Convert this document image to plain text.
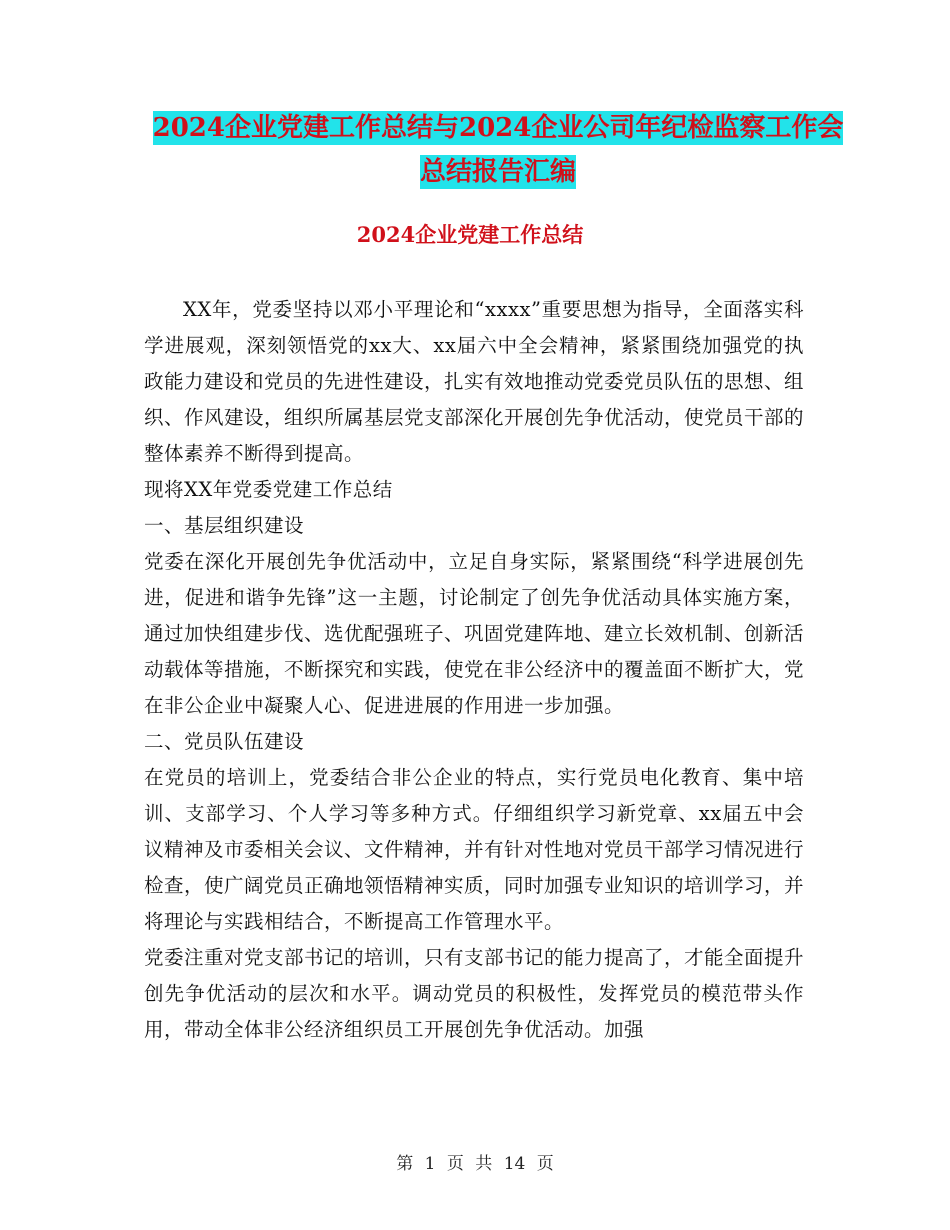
2024企业党建工作总结与2024企业公司年纪检监察工作会总结报告汇编
2024企业党建工作总结

XX年，党委坚持以邓小平理论和“xxxx”重要思想为指导，全面落实科学进展观，深刻领悟党的xx大、xx届六中全会精神，紧紧围绕加强党的执政能力建设和党员的先进性建设，扎实有效地推动党委党员队伍的思想、组织、作风建设，组织所属基层党支部深化开展创先争优活动，使党员干部的整体素养不断得到提高。

现将XX年党委党建工作总结

一、基层组织建设

党委在深化开展创先争优活动中，立足自身实际，紧紧围绕“科学进展创先进，促进和谐争先锋”这一主题，讨论制定了创先争优活动具体实施方案，通过加快组建步伐、选优配强班子、巩固党建阵地、建立长效机制、创新活动载体等措施，不断探究和实践，使党在非公经济中的覆盖面不断扩大，党在非公企业中凝聚人心、促进进展的作用进一步加强。

二、党员队伍建设

在党员的培训上，党委结合非公企业的特点，实行党员电化教育、集中培训、支部学习、个人学习等多种方式。仔细组织学习新党章、xx届五中会议精神及市委相关会议、文件精神，并有针对性地对党员干部学习情况进行检查，使广阔党员正确地领悟精神实质，同时加强专业知识的培训学习，并将理论与实践相结合，不断提高工作管理水平。

党委注重对党支部书记的培训，只有支部书记的能力提高了，才能全面提升创先争优活动的层次和水平。调动党员的积极性，发挥党员的模范带头作用，带动全体非公经济组织员工开展创先争优活动。加强

第 1 页 共 14 页
